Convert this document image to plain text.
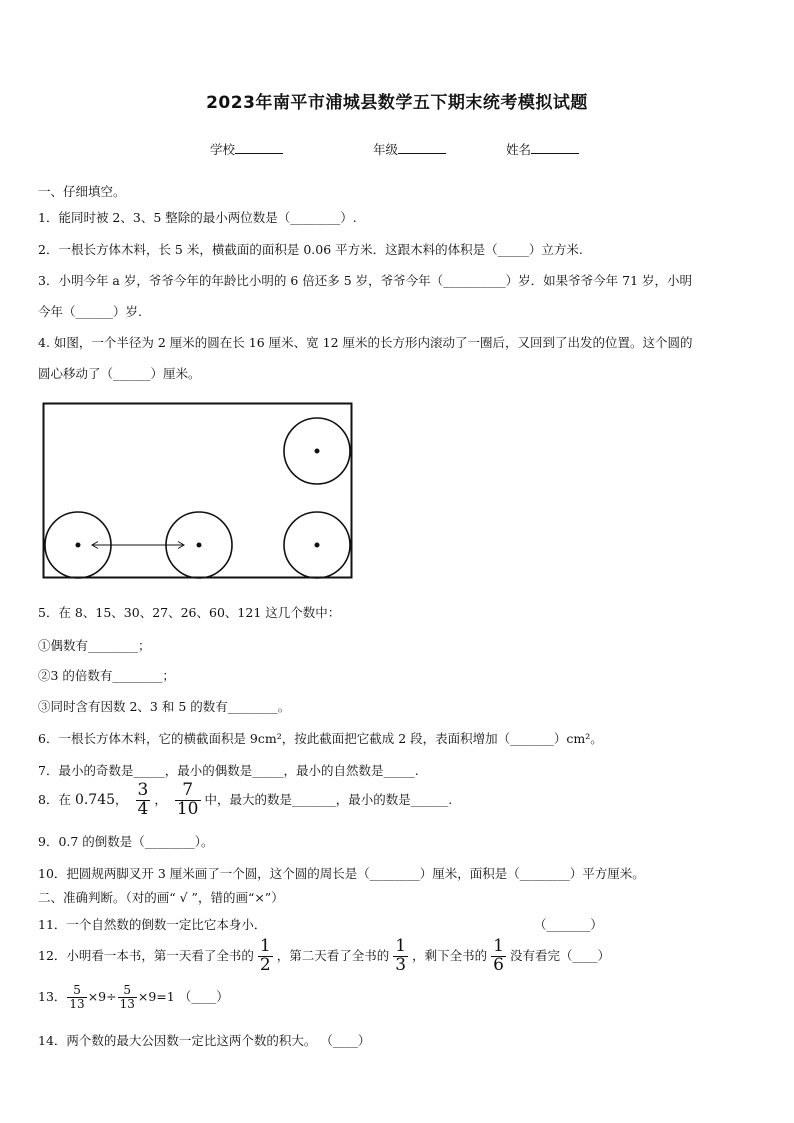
2023年南平市浦城县数学五下期末统考模拟试题
学校	年级	姓名
一、仔细填空。
1．能同时被 2、3、5 整除的最小两位数是（________）.
2．一根长方体木料，长 5 米，横截面的面积是 0.06 平方米．这跟木料的体积是（_____）立方米.
3．小明今年 a 岁，爷爷今年的年龄比小明的 6 倍还多 5 岁，爷爷今年（__________）岁．如果爷爷今年 71 岁，小明
今年（______）岁.
4. 如图，一个半径为 2 厘米的圆在长 16 厘米、宽 12 厘米的长方形内滚动了一圈后，又回到了出发的位置。这个圆的
圆心移动了（______）厘米。
5．在 8、15、30、27、26、60、121 这几个数中：
①偶数有________；
②3 的倍数有________；
③同时含有因数 2、3 和 5 的数有________。
6．一根长方体木料，它的横截面积是 9cm²，按此截面把它截成 2 段，表面积增加（_______）cm²。
7．最小的奇数是_____，最小的偶数是_____，最小的自然数是_____.
8．在 0.745， $\frac{3}{4}$ ， $\frac{7}{10}$ 中，最大的数是_______，最小的数是______.
9．0.7 的倒数是（________）。
10．把圆规两脚叉开 3 厘米画了一个圆，这个圆的周长是（________）厘米，面积是（________）平方厘米。
二、准确判断。（对的画“ √ ”，错的画“×”）
11．一个自然数的倒数一定比它本身小．	（_______）
12．小明看一本书，第一天看了全书的 $\frac{1}{2}$ ，第二天看了全书的 $\frac{1}{3}$ ，剩下全书的 $\frac{1}{6}$ 没有看完（____）
13． $\frac{5}{13} \times 9\div \frac{5}{13} \times 9=1$ （____）
14．两个数的最大公因数一定比这两个数的积大。 （____）
